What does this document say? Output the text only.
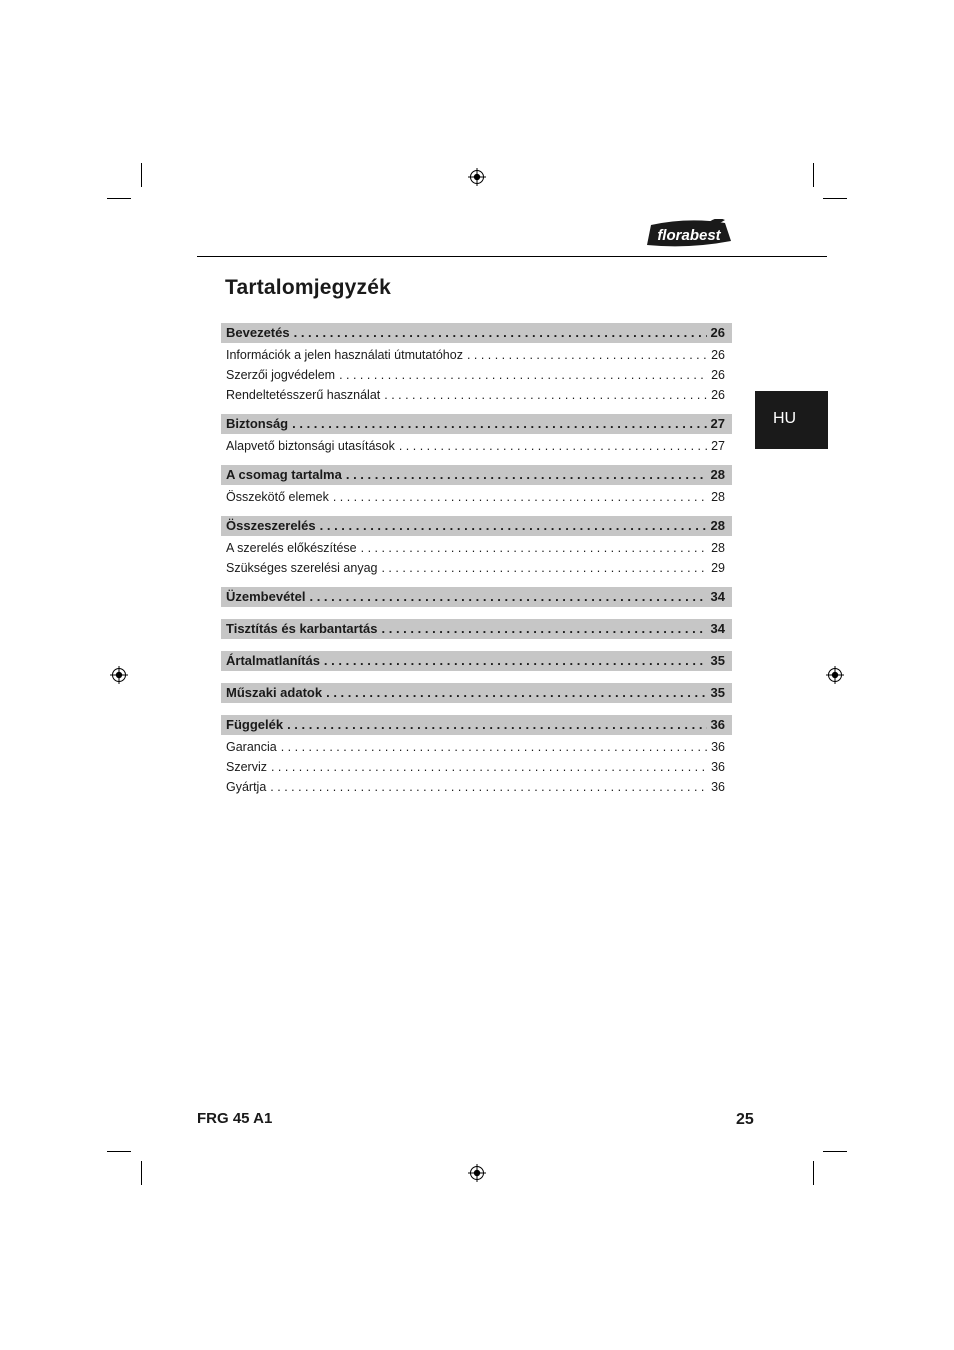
florabest
Tartalomjegyzék
Bevezetés . . .	26
Információk a jelen használati útmutatóhoz . . .	26
Szerzői jogvédelem . . .	26
Rendeltetésszerű használat . . .	26
Biztonság . . .	27
Alapvető biztonsági utasítások . . .	27
A csomag tartalma . . .	28
Összekötő elemek . . .	28
Összeszerelés . . .	28
A szerelés előkészítése . . .	28
Szükséges szerelési anyag . . .	29
Üzembevétel . . .	34
Tisztítás és karbantartás . . .	34
Ártalmatlanítás . . .	35
Műszaki adatok . . .	35
Függelék . . .	36
Garancia . . .	36
Szerviz . . .	36
Gyártja . . .	36
HU
FRG 45 A1	25
